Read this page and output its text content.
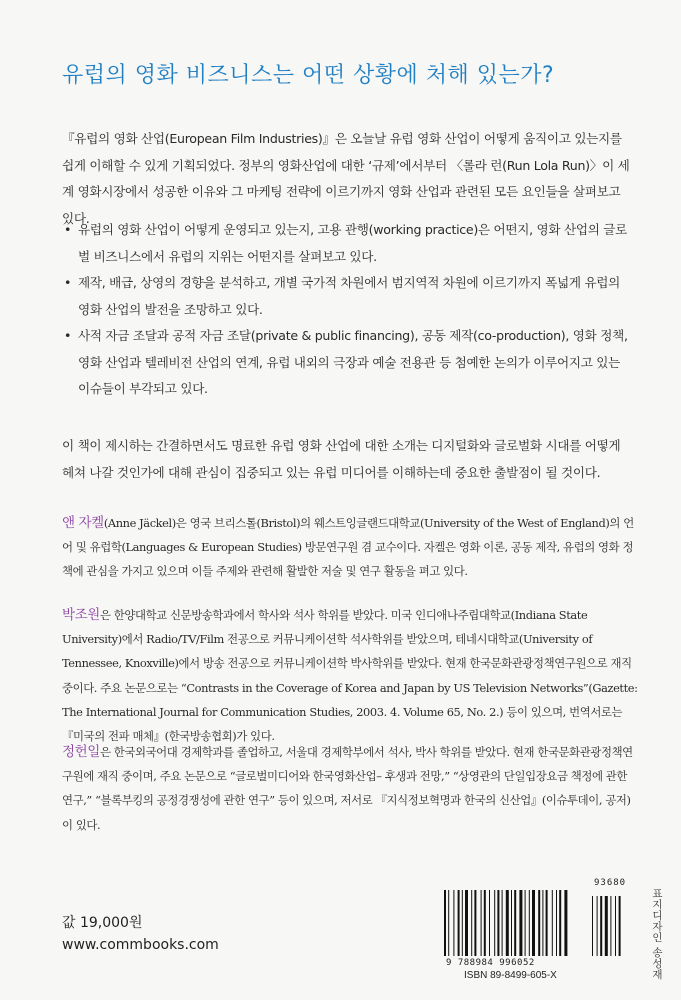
유럽의 영화 비즈니스는 어떤 상황에 처해 있는가?

『유럽의 영화 산업(European Film Industries)』은 오늘날 유럽 영화 산업이 어떻게 움직이고 있는지를 쉽게 이해할 수 있게 기획되었다. 정부의 영화산업에 대한 ‘규제’에서부터 〈롤라 런(Run Lola Run)〉이 세계 영화시장에서 성공한 이유와 그 마케팅 전략에 이르기까지 영화 산업과 관련된 모든 요인들을 살펴보고 있다.

• 유럽의 영화 산업이 어떻게 운영되고 있는지, 고용 관행(working practice)은 어떤지, 영화 산업의 글로벌 비즈니스에서 유럽의 지위는 어떤지를 살펴보고 있다.
• 제작, 배급, 상영의 경향을 분석하고, 개별 국가적 차원에서 범지역적 차원에 이르기까지 폭넓게 유럽의 영화 산업의 발전을 조망하고 있다.
• 사적 자금 조달과 공적 자금 조달(private & public financing), 공동 제작(co-production), 영화 정책, 영화 산업과 텔레비전 산업의 연계, 유럽 내외의 극장과 예술 전용관 등 첨예한 논의가 이루어지고 있는 이슈들이 부각되고 있다.

이 책이 제시하는 간결하면서도 명료한 유럽 영화 산업에 대한 소개는 디지털화와 글로벌화 시대를 어떻게 헤쳐 나갈 것인가에 대해 관심이 집중되고 있는 유럽 미디어를 이해하는데 중요한 출발점이 될 것이다.

앤 자켈(Anne Jäckel)은 영국 브리스톨(Bristol)의 웨스트잉글랜드대학교(University of the West of England)의 언어 및 유럽학(Languages & European Studies) 방문연구원 겸 교수이다. 자켈은 영화 이론, 공동 제작, 유럽의 영화 정책에 관심을 가지고 있으며 이들 주제와 관련해 활발한 저술 및 연구 활동을 펴고 있다.

박조원은 한양대학교 신문방송학과에서 학사와 석사 학위를 받았다. 미국 인디애나주립대학교(Indiana State University)에서 Radio/TV/Film 전공으로 커뮤니케이션학 석사학위를 받았으며, 테네시대학교(University of Tennessee, Knoxville)에서 방송 전공으로 커뮤니케이션학 박사학위를 받았다. 현재 한국문화관광정책연구원으로 재직 중이다. 주요 논문으로는 “Contrasts in the Coverage of Korea and Japan by US Television Networks”(Gazette: The International Journal for Communication Studies, 2003. 4. Volume 65, No. 2.) 등이 있으며, 번역서로는 『미국의 전파 매체』(한국방송협회)가 있다.

정헌일은 한국외국어대 경제학과를 졸업하고, 서울대 경제학부에서 석사, 박사 학위를 받았다. 현재 한국문화관광정책연구원에 재직 중이며, 주요 논문으로 “글로벌미디어와 한국영화산업– 후생과 전망,” “상영관의 단일입장요금 책정에 관한 연구,” “블록부킹의 공정경쟁성에 관한 연구” 등이 있으며, 저서로 『지식정보혁명과 한국의 신산업』(이슈투데이, 공저)이 있다.

표지디자인 송성재
값 19,000원
www.commbooks.com
93680
9 788984 996052
ISBN 89-8499-605-X
